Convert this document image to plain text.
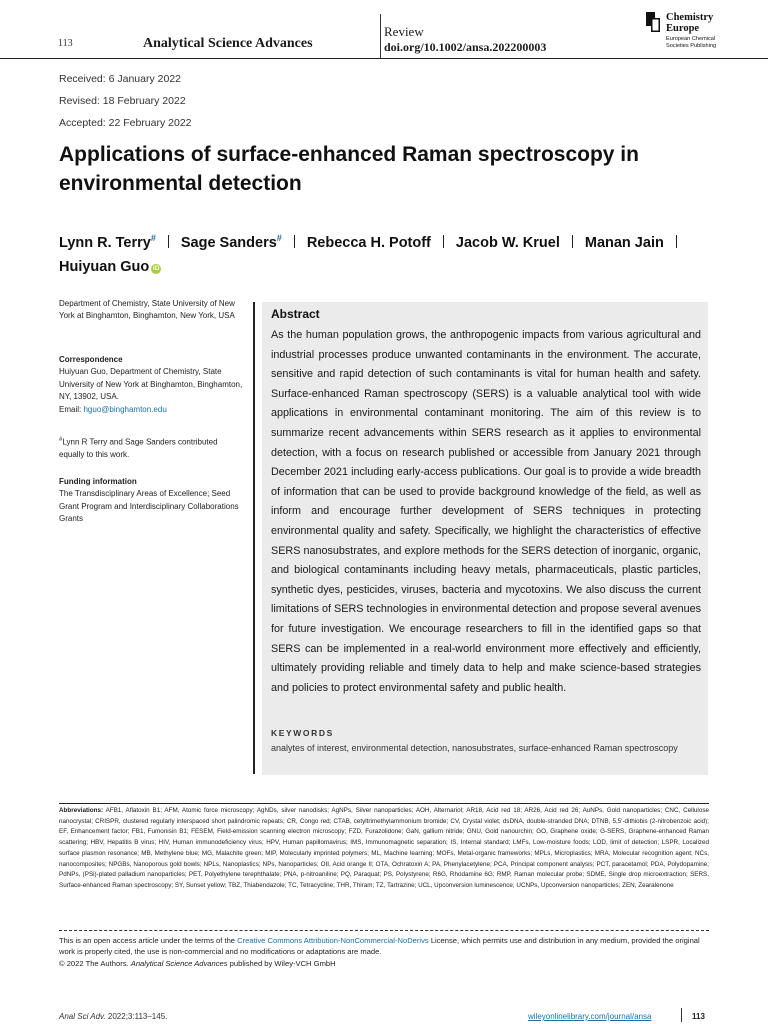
113	Analytical Science Advances
Review
doi.org/10.1002/ansa.202200003
Chemistry
Europe
European Chemical Societies Publishing
Received: 6 January 2022
Revised: 18 February 2022
Accepted: 22 February 2022
Applications of surface-enhanced Raman spectroscopy in environmental detection
Lynn R. Terry# Sage Sanders# Rebecca H. Potoff Jacob W. Kruel Manan Jain
Huiyuan Guo iD
Department of Chemistry, State University of New York at Binghamton, Binghamton, New York, USA
Correspondence
Huiyuan Guo, Department of Chemistry, State University of New York at Binghamton, Binghamton, NY, 13902, USA.
Email: hguo@binghamton.edu
#Lynn R Terry and Sage Sanders contributed equally to this work.
Funding information
The Transdisciplinary Areas of Excellence; Seed Grant Program and Interdisciplinary Collaborations Grants
Abstract
As the human population grows, the anthropogenic impacts from various agricultural and industrial processes produce unwanted contaminants in the environment. The accurate, sensitive and rapid detection of such contaminants is vital for human health and safety. Surface-enhanced Raman spectroscopy (SERS) is a valuable analytical tool with wide applications in environmental contaminant monitoring. The aim of this review is to summarize recent advancements within SERS research as it applies to environmental detection, with a focus on research published or accessible from January 2021 through December 2021 including early-access publications. Our goal is to provide a wide breadth of information that can be used to provide background knowledge of the field, as well as inform and encourage further development of SERS techniques in protecting environmental quality and safety. Specifically, we highlight the characteristics of effective SERS nanosubstrates, and explore methods for the SERS detection of inorganic, organic, and biological contaminants including heavy metals, pharmaceuticals, plastic particles, synthetic dyes, pesticides, viruses, bacteria and mycotoxins. We also discuss the current limitations of SERS technologies in environmental detection and propose several avenues for future investigation. We encourage researchers to fill in the identified gaps so that SERS can be implemented in a real-world environment more effectively and efficiently, ultimately providing reliable and timely data to help and make science-based strategies and policies to protect environmental safety and public health.
KEYWORDS
analytes of interest, environmental detection, nanosubstrates, surface-enhanced Raman spectroscopy
Abbreviations: AFB1, Aflatoxin B1; AFM, Atomic force microscopy; AgNDs, silver nanodisks; AgNPs, Silver nanoparticles; AOH, Alternariol; AR18, Acid red 18; AR26, Acid red 26; AuNPs, Gold nanoparticles; CNC, Cellulose nanocrystal; CRISPR, clustered regularly interspaced short palindromic repeats; CR, Congo red; CTAB, cetyltrimethylammonium bromide; CV, Crystal violet; dsDNA, double-stranded DNA; DTNB, 5,5'-dithiobis (2-nitrobenzoic acid); EF, Enhancement factor; FB1, Fumonisin B1; FESEM, Field-emission scanning electron microscopy; FZD, Furazolidone; GaN, gallium nitride; GNU, Gold nanourchin; GO, Graphene oxide; G-SERS, Graphene-enhanced Raman scattering; HBV, Hepatitis B virus; HIV, Human immunodeficiency virus; HPV, Human papillomavirus; IMS, Immunomagnetic separation; IS, Internal standard; LMFs, Low-moisture foods; LOD, limit of detection; LSPR, Localized surface plasmon resonance; MB, Methylene blue; MG, Malachite green; MIP, Molecularly imprinted polymers; ML, Machine learning; MOFs, Metal-organic frameworks; MPLs, Microplastics; MRA, Molecular recognition agent; NCs, nanocomposites; NPGBs, Nanoporous gold bowls; NPLs, Nanoplastics; NPs, Nanoparticles; OII, Acid orange II; OTA, Ochratoxin A; PA, Phenylacetylene; PCA, Principal component analysis; PCT, paracetamol; PDA, Polydopamine; PdNPs, (PSi)-plated palladium nanoparticles; PET, Polyethylene terephthalate; PNA, p-nitroaniline; PQ, Paraquat; PS, Polystyrene; R6G, Rhodamine 6G; RMP, Raman molecular probe; SDME, Single drop microextraction; SERS, Surface-enhanced Raman spectroscopy; SY, Sunset yellow; TBZ, Thiabendazole; TC, Tetracycline; THR, Thiram; TZ, Tartrazine; UCL, Upconversion luminescence; UCNPs, Upconversion nanoparticles; ZEN, Zearalenone
This is an open access article under the terms of the Creative Commons Attribution-NonCommercial-NoDerivs License, which permits use and distribution in any medium, provided the original work is properly cited, the use is non-commercial and no modifications or adaptations are made.
© 2022 The Authors. Analytical Science Advances published by Wiley-VCH GmbH
Anal Sci Adv. 2022;3:113–145.	wileyonlinelibrary.com/journal/ansa	113
